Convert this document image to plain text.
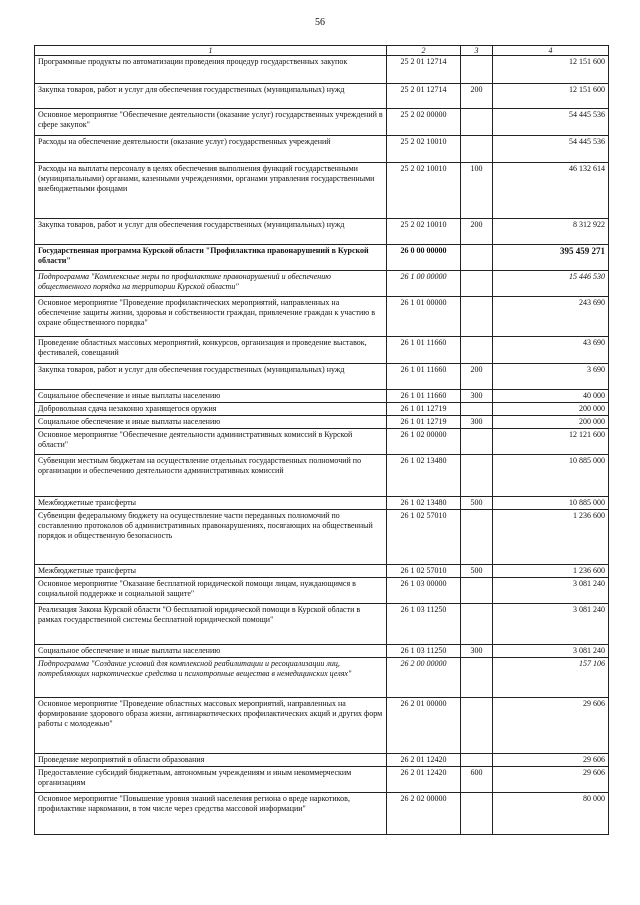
56
1	2	3	4
Программные продукты по автоматизации проведения процедур государственных закупок	25 2 01 12714		12 151 600
Закупка товаров, работ и услуг для обеспечения государственных (муниципальных) нужд	25 2 01 12714	200	12 151 600
Основное мероприятие "Обеспечение деятельности (оказание услуг) государственных учреждений в сфере закупок"	25 2 02 00000		54 445 536
Расходы на обеспечение деятельности (оказание услуг) государственных учреждений	25 2 02 10010		54 445 536
Расходы на выплаты персоналу в целях обеспечения выполнения функций государственными (муниципальными) органами, казенными учреждениями, органами управления государственными внебюджетными фондами	25 2 02 10010	100	46 132 614
Закупка товаров, работ и услуг для обеспечения государственных (муниципальных) нужд	25 2 02 10010	200	8 312 922
Государственная программа Курской области "Профилактика правонарушений в Курской области"	26 0 00 00000		395 459 271
Подпрограмма "Комплексные меры по профилактике правонарушений и обеспечению общественного порядка на территории Курской области"	26 1 00 00000		15 446 530
Основное мероприятие "Проведение профилактических мероприятий, направленных на обеспечение защиты жизни, здоровья и собственности граждан, привлечение граждан к участию в охране общественного порядка"	26 1 01 00000		243 690
Проведение областных массовых мероприятий, конкурсов, организация и проведение выставок, фестивалей, совещаний	26 1 01 11660		43 690
Закупка товаров, работ и услуг для обеспечения государственных (муниципальных) нужд	26 1 01 11660	200	3 690
Социальное обеспечение и иные выплаты населению	26 1 01 11660	300	40 000
Добровольная сдача незаконно хранящегося оружия	26 1 01 12719		200 000
Социальное обеспечение и иные выплаты населению	26 1 01 12719	300	200 000
Основное мероприятие "Обеспечение деятельности административных комиссий в Курской области"	26 1 02 00000		12 121 600
Субвенции местным бюджетам на осуществление отдельных государственных полномочий по организации и обеспечению деятельности административных комиссий	26 1 02 13480		10 885 000
Межбюджетные трансферты	26 1 02 13480	500	10 885 000
Субвенции федеральному бюджету на осуществление части переданных полномочий по составлению протоколов об административных правонарушениях, посягающих на общественный порядок и общественную безопасность	26 1 02 57010		1 236 600
Межбюджетные трансферты	26 1 02 57010	500	1 236 600
Основное мероприятие "Оказание бесплатной юридической помощи лицам, нуждающимся в социальной поддержке и социальной защите"	26 1 03 00000		3 081 240
Реализация Закона Курской области "О бесплатной юридической помощи в Курской области в рамках государственной системы бесплатной юридической помощи"	26 1 03 11250		3 081 240
Социальное обеспечение и иные выплаты населению	26 1 03 11250	300	3 081 240
Подпрограмма "Создание условий для комплексной реабилитации и ресоциализации лиц, потребляющих наркотические средства и психотропные вещества в немедицинских целях"	26 2 00 00000		157 106
Основное мероприятие "Проведение областных массовых мероприятий, направленных на формирование здорового образа жизни, антинаркотических профилактических акций и других форм работы с молодежью"	26 2 01 00000		29 606
Проведение мероприятий в области образования	26 2 01 12420		29 606
Предоставление субсидий бюджетным, автономным учреждениям и иным некоммерческим организациям	26 2 01 12420	600	29 606
Основное мероприятие "Повышение уровня знаний населения региона о вреде наркотиков, профилактике наркомании, в том числе через средства массовой информации"	26 2 02 00000		80 000
